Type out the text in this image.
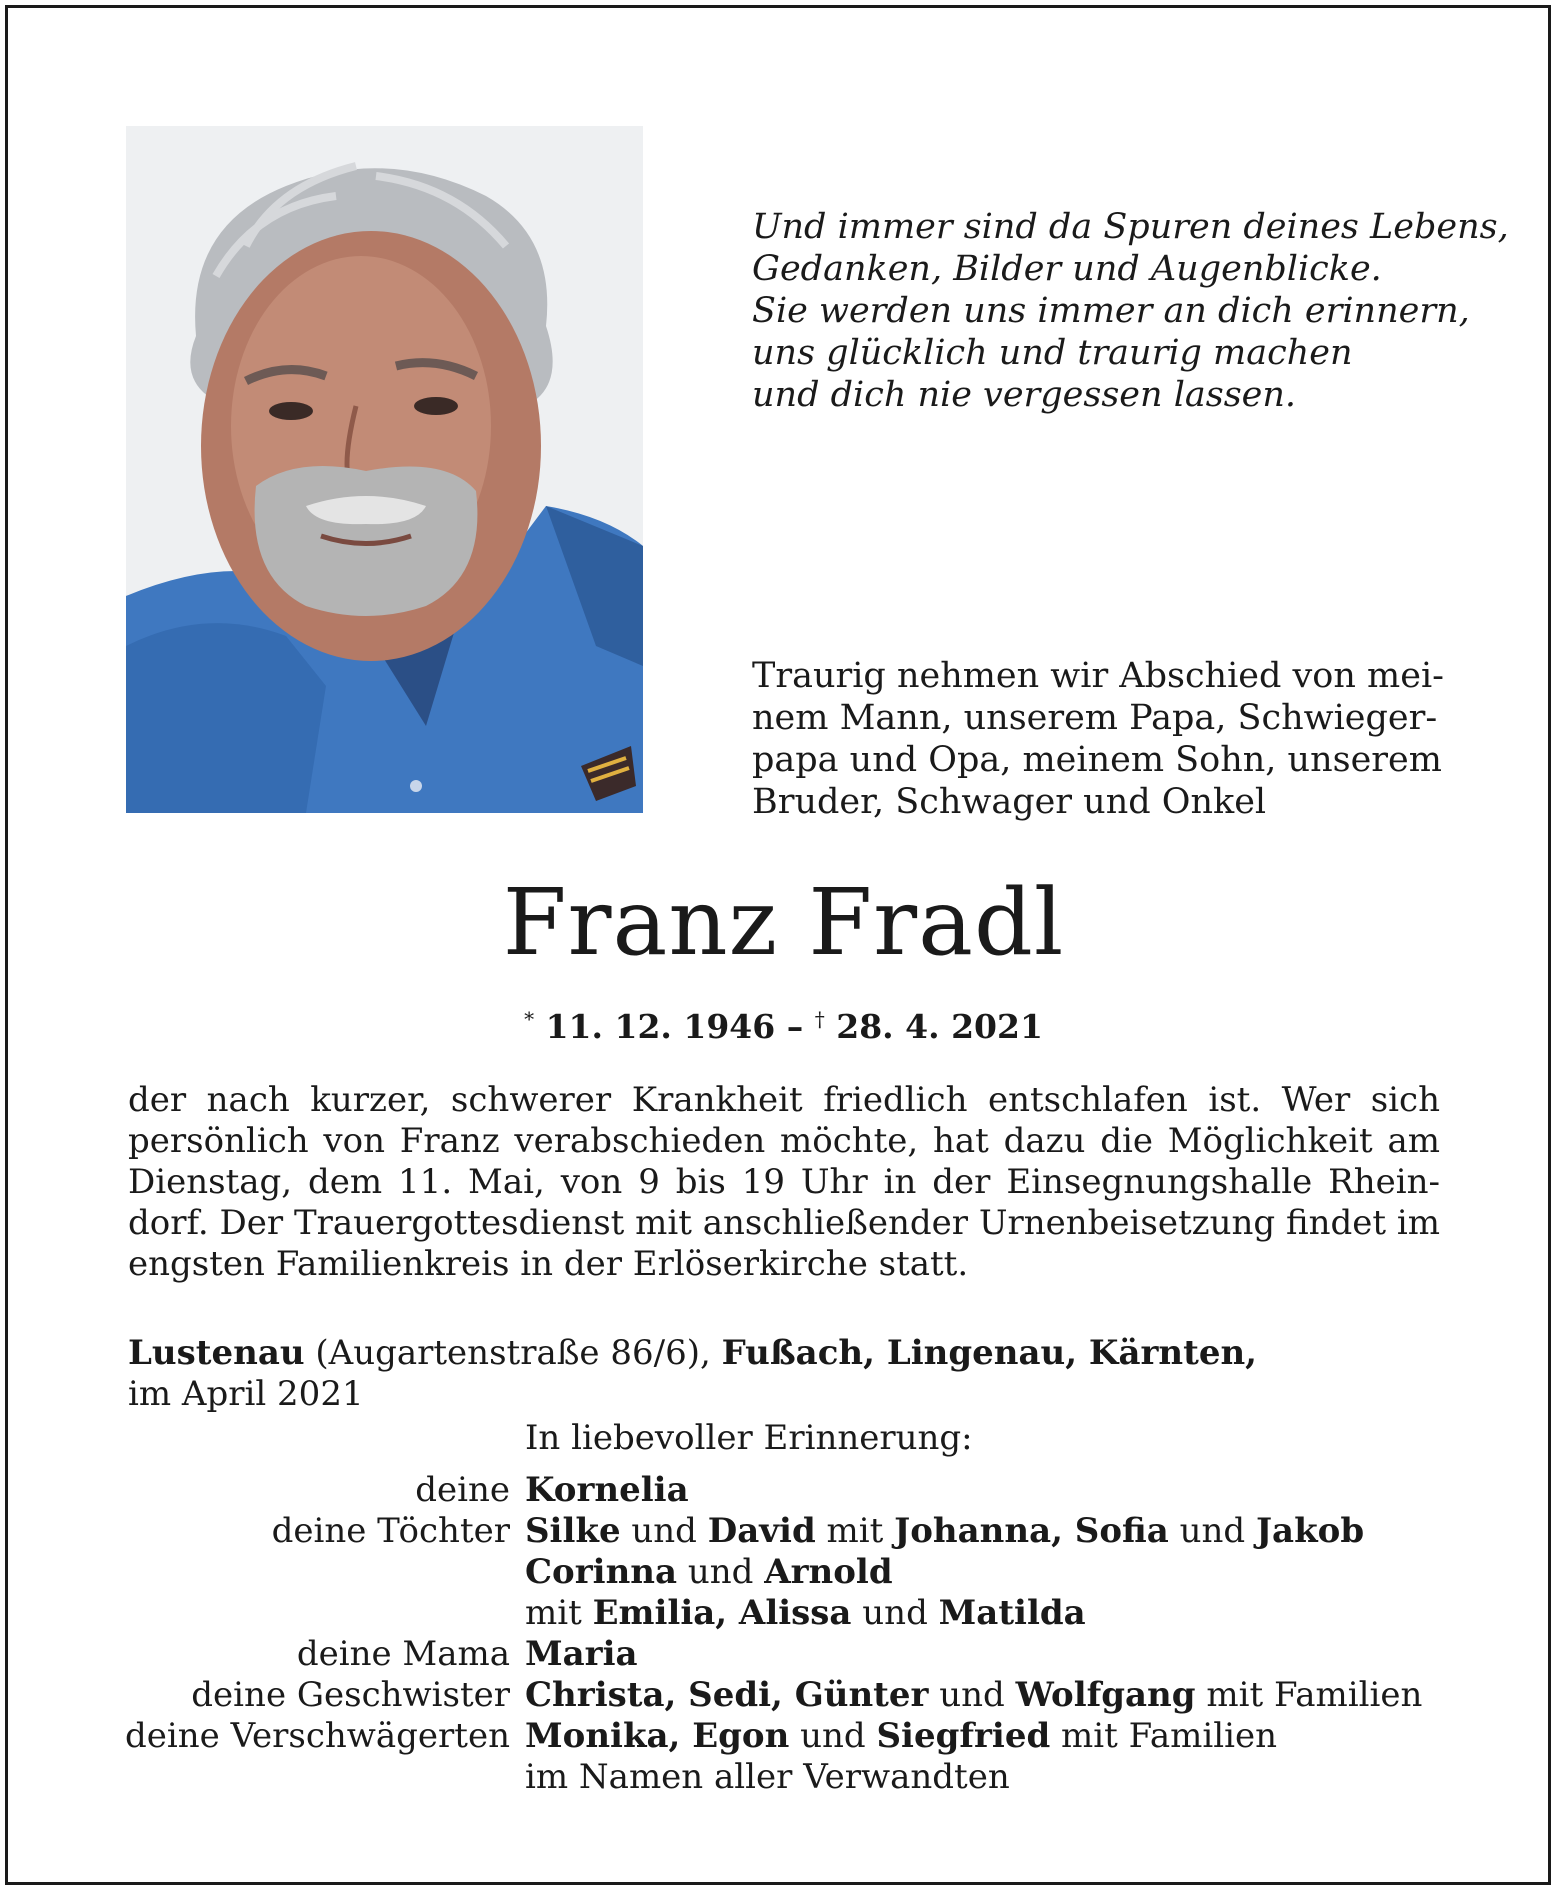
Und immer sind da Spuren deines Lebens,
Gedanken, Bilder und Augenblicke.
Sie werden uns immer an dich erinnern,
uns glücklich und traurig machen
und dich nie vergessen lassen.
Traurig nehmen wir Abschied von mei-
nem Mann, unserem Papa, Schwieger-
papa und Opa, meinem Sohn, unserem
Bruder, Schwager und Onkel
Franz Fradl
* 11. 12. 1946 – † 28. 4. 2021
der nach kurzer, schwerer Krankheit friedlich entschlafen ist. Wer sich
persönlich von Franz verabschieden möchte, hat dazu die Möglichkeit am
Dienstag, dem 11. Mai, von 9 bis 19 Uhr in der Einsegnungshalle Rhein-
dorf. Der Trauergottesdienst mit anschließender Urnenbeisetzung findet im
engsten Familienkreis in der Erlöserkirche statt.
Lustenau (Augartenstraße 86/6), Fußach, Lingenau, Kärnten,
im April 2021
In liebevoller Erinnerung:
deine Kornelia
deine Töchter Silke und David mit Johanna, Sofia und Jakob
Corinna und Arnold
mit Emilia, Alissa und Matilda
deine Mama Maria
deine Geschwister Christa, Sedi, Günter und Wolfgang mit Familien
deine Verschwägerten Monika, Egon und Siegfried mit Familien
im Namen aller Verwandten
